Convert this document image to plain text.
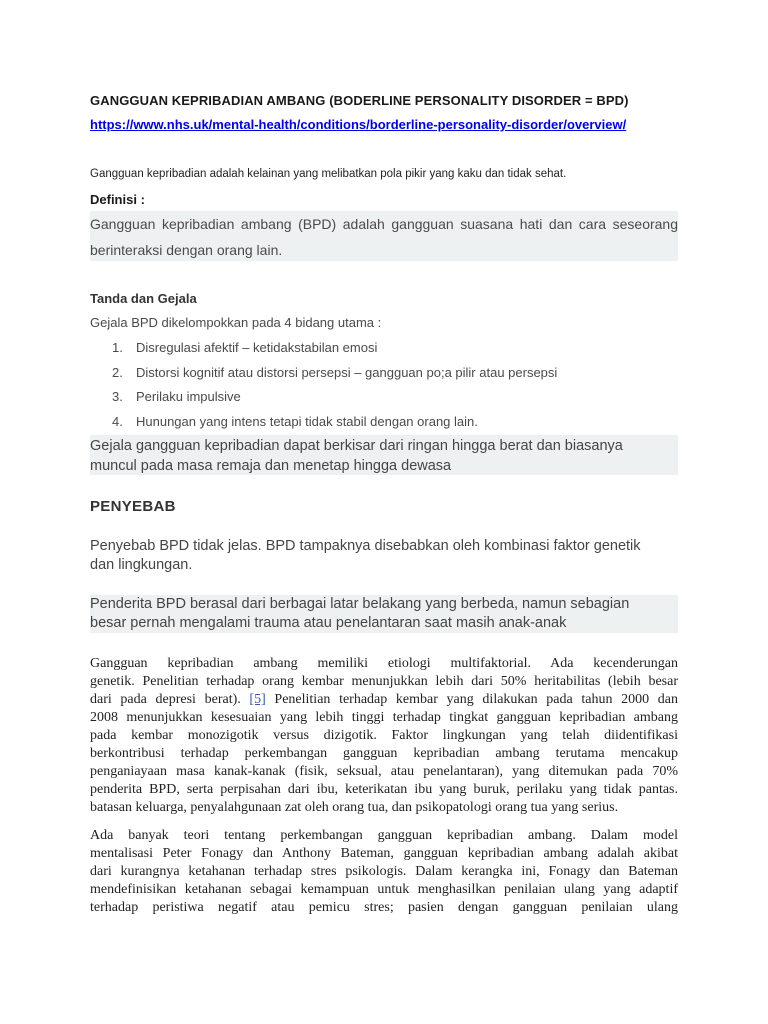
GANGGUAN KEPRIBADIAN AMBANG (BODERLINE PERSONALITY DISORDER = BPD)
https://www.nhs.uk/mental-health/conditions/borderline-personality-disorder/overview/
Gangguan kepribadian adalah kelainan yang melibatkan pola pikir yang kaku dan tidak sehat.
Definisi :

Gangguan kepribadian ambang (BPD) adalah gangguan suasana hati dan cara seseorang

berinteraksi dengan orang lain.

Tanda dan Gejala
Gejala BPD dikelompokkan pada 4 bidang utama :
1. Disregulasi afektif – ketidakstabilan emosi
2. Distorsi kognitif atau distorsi persepsi – gangguan po;a pilir atau persepsi
3. Perilaku impulsive
4. Hunungan yang intens tetapi tidak stabil dengan orang lain.

Gejala gangguan kepribadian dapat berkisar dari ringan hingga berat dan biasanya

muncul pada masa remaja dan menetap hingga dewasa

PENYEBAB

Penyebab BPD tidak jelas. BPD tampaknya disebabkan oleh kombinasi faktor genetik

dan lingkungan.

Penderita BPD berasal dari berbagai latar belakang yang berbeda, namun sebagian

besar pernah mengalami trauma atau penelantaran saat masih anak-anak

Gangguan kepribadian ambang memiliki etiologi multifaktorial. Ada kecenderungan
genetik. Penelitian terhadap orang kembar menunjukkan lebih dari 50% heritabilitas (lebih besar
dari pada depresi berat). [5] Penelitian terhadap kembar yang dilakukan pada tahun 2000 dan
2008 menunjukkan kesesuaian yang lebih tinggi terhadap tingkat gangguan kepribadian ambang
pada kembar monozigotik versus dizigotik. Faktor lingkungan yang telah diidentifikasi
berkontribusi terhadap perkembangan gangguan kepribadian ambang terutama mencakup
penganiayaan masa kanak-kanak (fisik, seksual, atau penelantaran), yang ditemukan pada 70%
penderita BPD, serta perpisahan dari ibu, keterikatan ibu yang buruk, perilaku yang tidak pantas.
batasan keluarga, penyalahgunaan zat oleh orang tua, dan psikopatologi orang tua yang serius.
Ada banyak teori tentang perkembangan gangguan kepribadian ambang. Dalam model
mentalisasi Peter Fonagy dan Anthony Bateman, gangguan kepribadian ambang adalah akibat
dari kurangnya ketahanan terhadap stres psikologis. Dalam kerangka ini, Fonagy dan Bateman
mendefinisikan ketahanan sebagai kemampuan untuk menghasilkan penilaian ulang yang adaptif
terhadap peristiwa negatif atau pemicu stres; pasien dengan gangguan penilaian ulang
